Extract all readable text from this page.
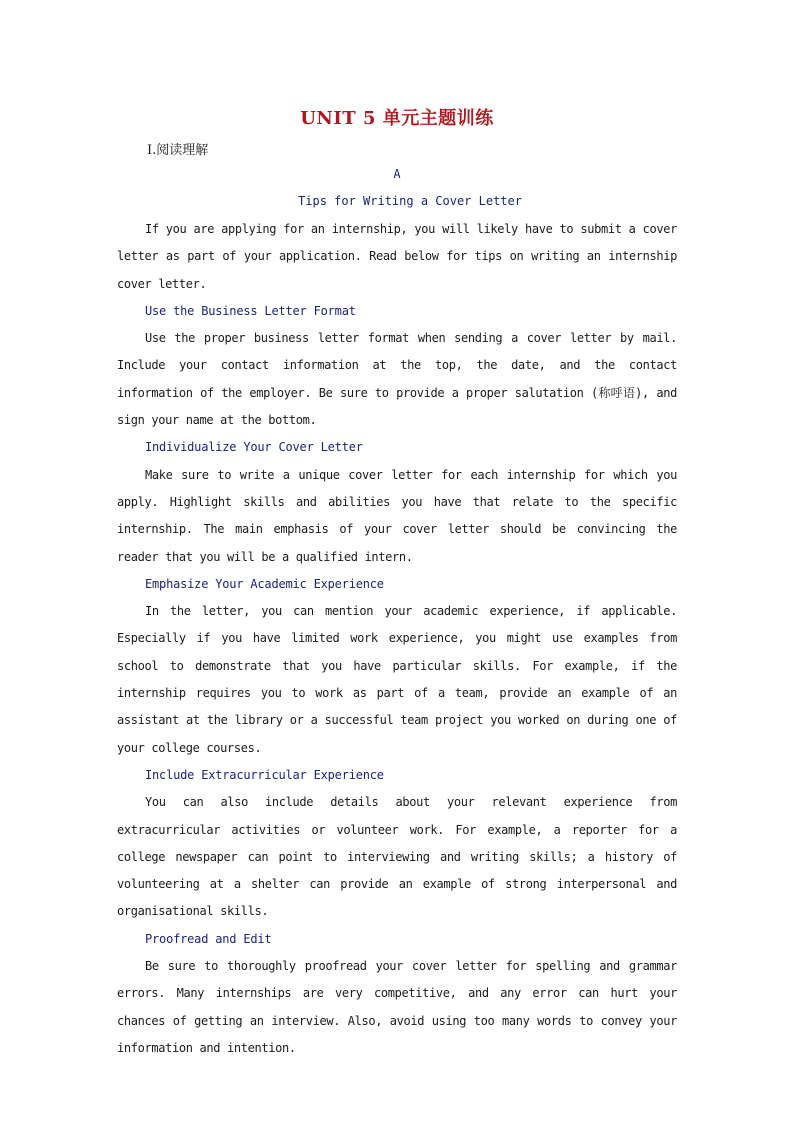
UNIT 5 单元主题训练
Ⅰ.阅读理解
A
Tips for Writing a Cover Letter

If you are applying for an internship, you will likely have to submit a cover letter as part of your application. Read below for tips on writing an internship cover letter.

Use the Business Letter Format

Use the proper business letter format when sending a cover letter by mail. Include your contact information at the top, the date, and the contact information of the employer. Be sure to provide a proper salutation (称呼语), and sign your name at the bottom.

Individualize Your Cover Letter

Make sure to write a unique cover letter for each internship for which you apply. Highlight skills and abilities you have that relate to the specific internship. The main emphasis of your cover letter should be convincing the reader that you will be a qualified intern.

Emphasize Your Academic Experience

In the letter, you can mention your academic experience, if applicable. Especially if you have limited work experience, you might use examples from school to demonstrate that you have particular skills. For example, if the internship requires you to work as part of a team, provide an example of an assistant at the library or a successful team project you worked on during one of your college courses.

Include Extracurricular Experience

You can also include details about your relevant experience from extracurricular activities or volunteer work. For example, a reporter for a college newspaper can point to interviewing and writing skills; a history of volunteering at a shelter can provide an example of strong interpersonal and organisational skills.

Proofread and Edit

Be sure to thoroughly proofread your cover letter for spelling and grammar errors. Many internships are very competitive, and any error can hurt your chances of getting an interview. Also, avoid using too many words to convey your information and intention.
